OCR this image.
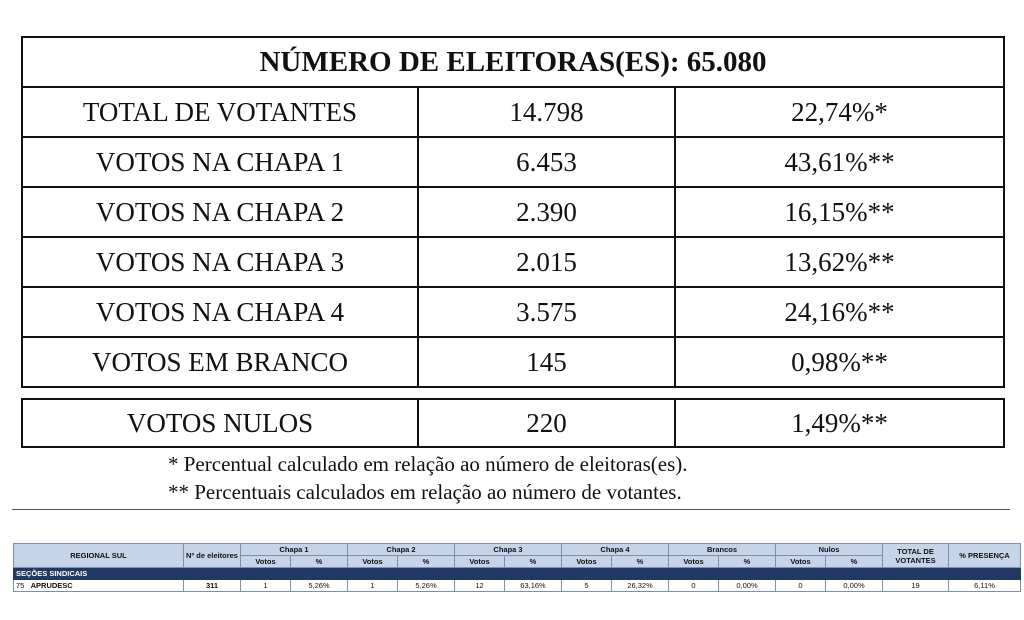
NÚMERO DE ELEITORAS(ES): 65.080		
TOTAL DE VOTANTES	14.798	22,74%*
VOTOS NA CHAPA 1	6.453	43,61%**
VOTOS NA CHAPA 2	2.390	16,15%**
VOTOS NA CHAPA 3	2.015	13,62%**
VOTOS NA CHAPA 4	3.575	24,16%**
VOTOS EM BRANCO	145	0,98%**
VOTOS NULOS	220	1,49%**
* Percentual calculado em relação ao número de eleitoras(es).
** Percentuais calculados em relação ao número de votantes.
REGIONAL SUL	Nº de eleitores	Chapa 1		Chapa 2		Chapa 3		Chapa 4		Brancos		Nulos		TOTAL DE VOTANTES	% PRESENÇA
		Votos	%	Votos	%	Votos	%	Votos	%	Votos	%	Votos	%		
SEÇÕES SINDICAIS															
75 APRUDESC	311	1	5,26%	1	5,26%	12	63,16%	5	26,32%	0	0,00%	0	0,00%	19	6,11%
